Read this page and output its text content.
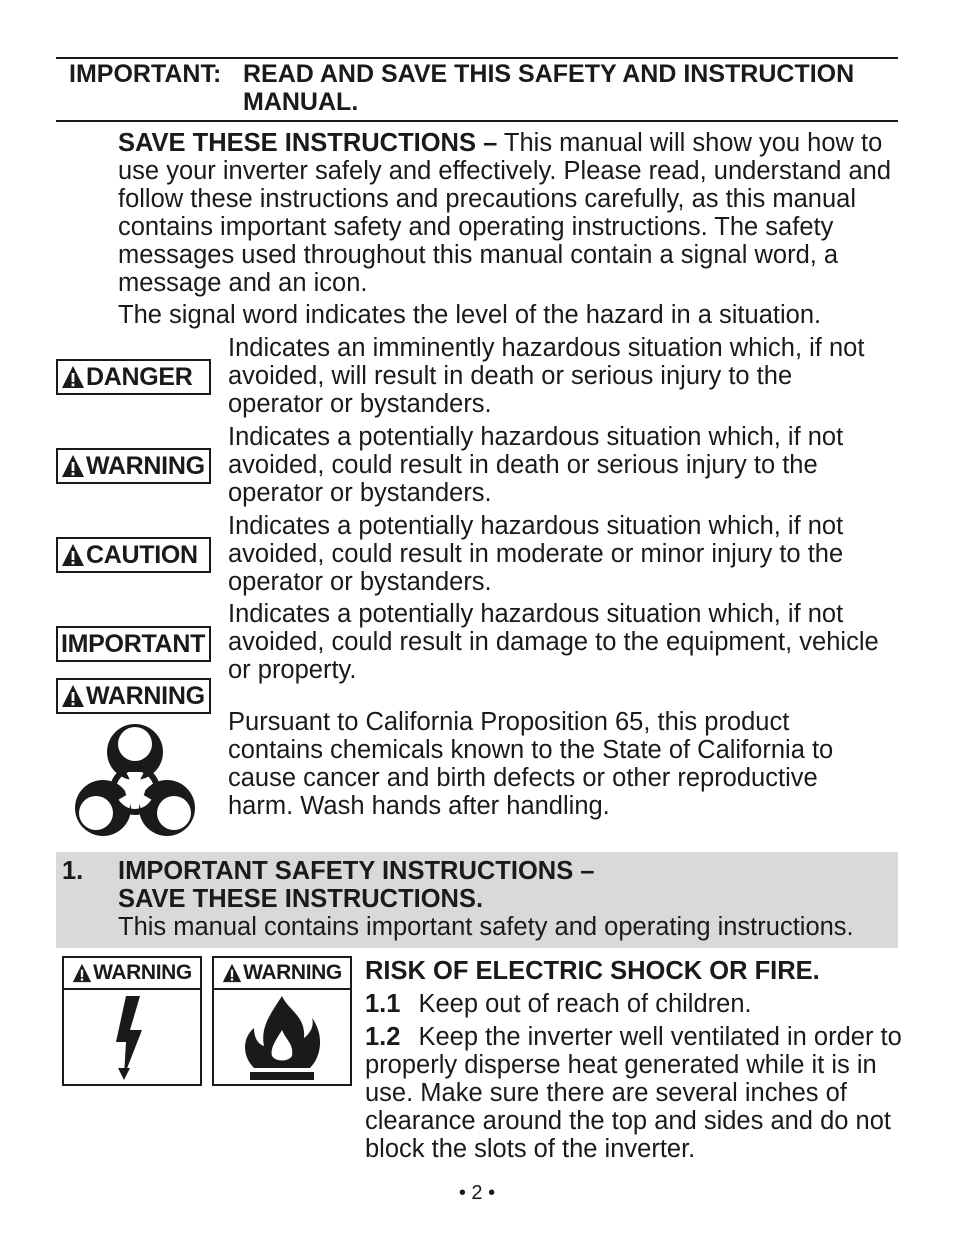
IMPORTANT: READ AND SAVE THIS SAFETY AND INSTRUCTION MANUAL.
SAVE THESE INSTRUCTIONS – This manual will show you how to use your inverter safely and effectively. Please read, understand and follow these instructions and precautions carefully, as this manual contains important safety and operating instructions. The safety messages used throughout this manual contain a signal word, a message and an icon.
The signal word indicates the level of the hazard in a situation.
DANGER
Indicates an imminently hazardous situation which, if not avoided, will result in death or serious injury to the operator or bystanders.
WARNING
Indicates a potentially hazardous situation which, if not avoided, could result in death or serious injury to the operator or bystanders.
CAUTION
Indicates a potentially hazardous situation which, if not avoided, could result in moderate or minor injury to the operator or bystanders.
IMPORTANT
Indicates a potentially hazardous situation which, if not avoided, could result in damage to the equipment, vehicle or property.
WARNING
Pursuant to California Proposition 65, this product contains chemicals known to the State of California to cause cancer and birth defects or other reproductive harm. Wash hands after handling.
1. IMPORTANT SAFETY INSTRUCTIONS –
SAVE THESE INSTRUCTIONS.
This manual contains important safety and operating instructions.
WARNING WARNING RISK OF ELECTRIC SHOCK OR FIRE.
1.1 Keep out of reach of children.
1.2 Keep the inverter well ventilated in order to properly disperse heat generated while it is in use. Make sure there are several inches of clearance around the top and sides and do not block the slots of the inverter.
• 2 •
